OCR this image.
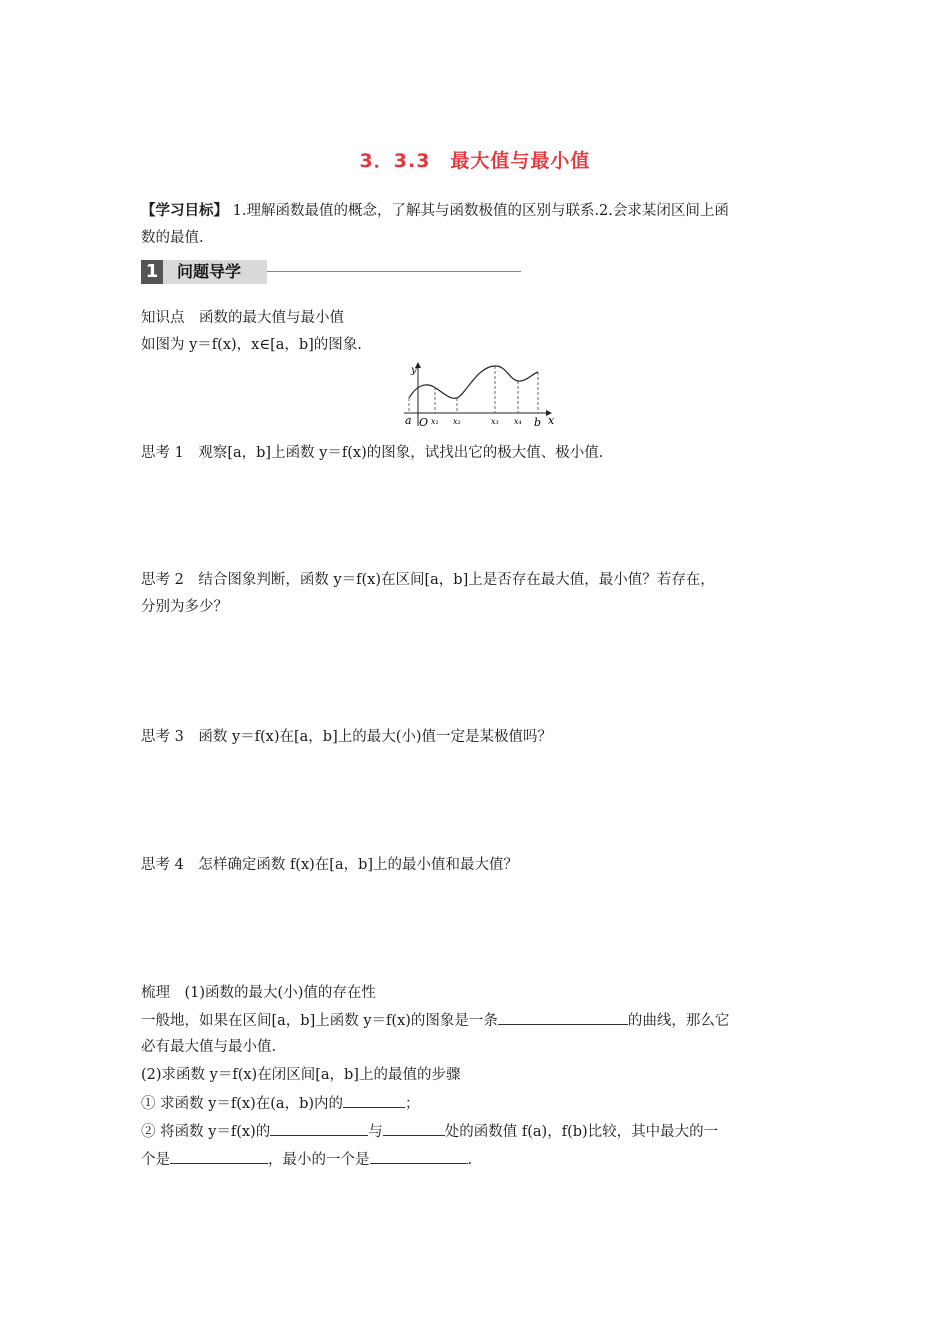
3．3.3　最大值与最小值
【学习目标】 1.理解函数最值的概念，了解其与函数极值的区别与联系.2.会求某闭区间上函
数的最值.
1 问题导学
知识点　函数的最大值与最小值
如图为 y＝f(x)，x∈[a，b]的图象.
y
x
O
a x₁ x₂	x₃ x₄ b
思考 1　观察[a，b]上函数 y＝f(x)的图象，试找出它的极大值、极小值.
思考 2　结合图象判断，函数 y＝f(x)在区间[a，b]上是否存在最大值，最小值？若存在，
分别为多少？
思考 3　函数 y＝f(x)在[a，b]上的最大(小)值一定是某极值吗？
思考 4　怎样确定函数 f(x)在[a，b]上的最小值和最大值？
梳理　(1)函数的最大(小)值的存在性
一般地，如果在区间[a，b]上函数 y＝f(x)的图象是一条	的曲线，那么它
必有最大值与最小值.
(2)求函数 y＝f(x)在闭区间[a，b]上的最值的步骤
① 求函数 y＝f(x)在(a，b)内的	；
② 将函数 y＝f(x)的	与	处的函数值 f(a)，f(b)比较，其中最大的一
个是	，最小的一个是	.
